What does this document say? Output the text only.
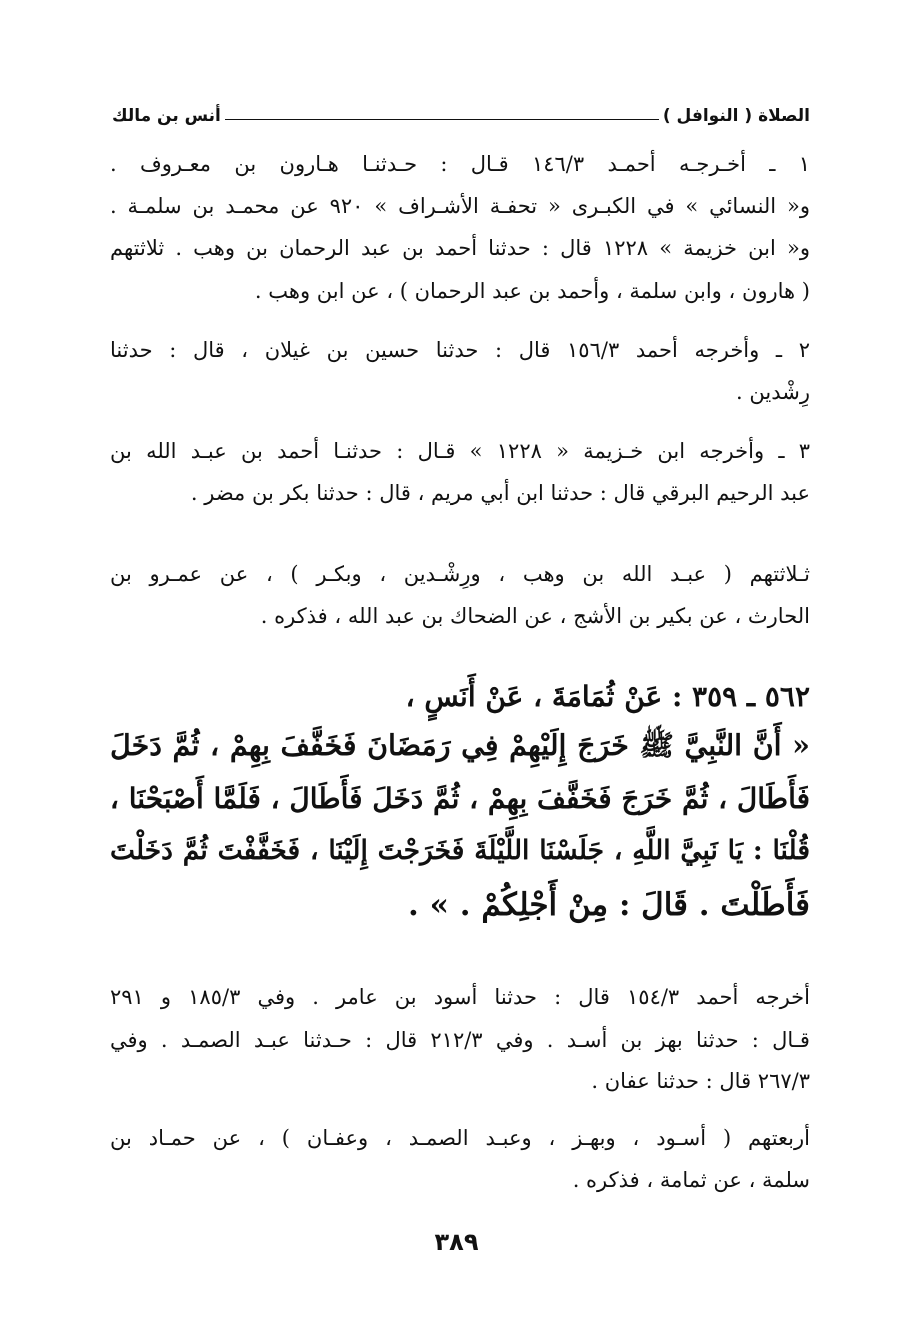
الصلاة ( النوافل )
أنس بن مالك
١ ـ أخـرجـه أحمـد ١٤٦/٣ قـال : حـدثنـا هـارون بن معـروف .
و« النسائي » في الكبـرى « تحفـة الأشـراف » ٩٢٠ عن محمـد بن سلمـة .
و« ابن خزيمة » ١٢٢٨ قال : حدثنا أحمد بن عبد الرحمان بن وهب . ثلاثتهم
( هارون ، وابن سلمة ، وأحمد بن عبد الرحمان ) ، عن ابن وهب .
٢ ـ وأخرجه أحمد ١٥٦/٣ قال : حدثنا حسين بن غيلان ، قال : حدثنا
رِشْدين .
٣ ـ وأخرجه ابن خـزيمة « ١٢٢٨ » قـال : حدثنـا أحمد بن عبـد الله بن
عبد الرحيم البرقي قال : حدثنا ابن أبي مريم ، قال : حدثنا بكر بن مضر .
ثـلاثتهم ( عبـد الله بن وهب ، ورِشْـدين ، وبكـر ) ، عن عمـرو بن
الحارث ، عن بكير بن الأشج ، عن الضحاك بن عبد الله ، فذكره .
٥٦٢ ـ ٣٥٩ : عَنْ ثُمَامَةَ ، عَنْ أَنَسٍ ،
« أَنَّ النَّبِيَّ ﷺ خَرَجَ إِلَيْهِمْ فِي رَمَضَانَ فَخَفَّفَ بِهِمْ ، ثُمَّ دَخَلَ
فَأَطَالَ ، ثُمَّ خَرَجَ فَخَفَّفَ بِهِمْ ، ثُمَّ دَخَلَ فَأَطَالَ ، فَلَمَّا أَصْبَحْنَا ،
قُلْنَا : يَا نَبِيَّ اللَّهِ ، جَلَسْنَا اللَّيْلَةَ فَخَرَجْتَ إِلَيْنَا ، فَخَفَّفْتَ ثُمَّ دَخَلْتَ
فَأَطَلْتَ . قَالَ : مِنْ أَجْلِكُمْ . » .
أخرجه أحمد ١٥٤/٣ قال : حدثنا أسود بن عامر . وفي ١٨٥/٣ و ٢٩١
قـال : حدثنا بهز بن أسـد . وفي ٢١٢/٣ قال : حـدثنا عبـد الصمـد . وفي
٢٦٧/٣ قال : حدثنا عفان .
أربعتهم ( أسـود ، وبهـز ، وعبـد الصمـد ، وعفـان ) ، عن حمـاد بن
سلمة ، عن ثمامة ، فذكره .
٣٨٩
